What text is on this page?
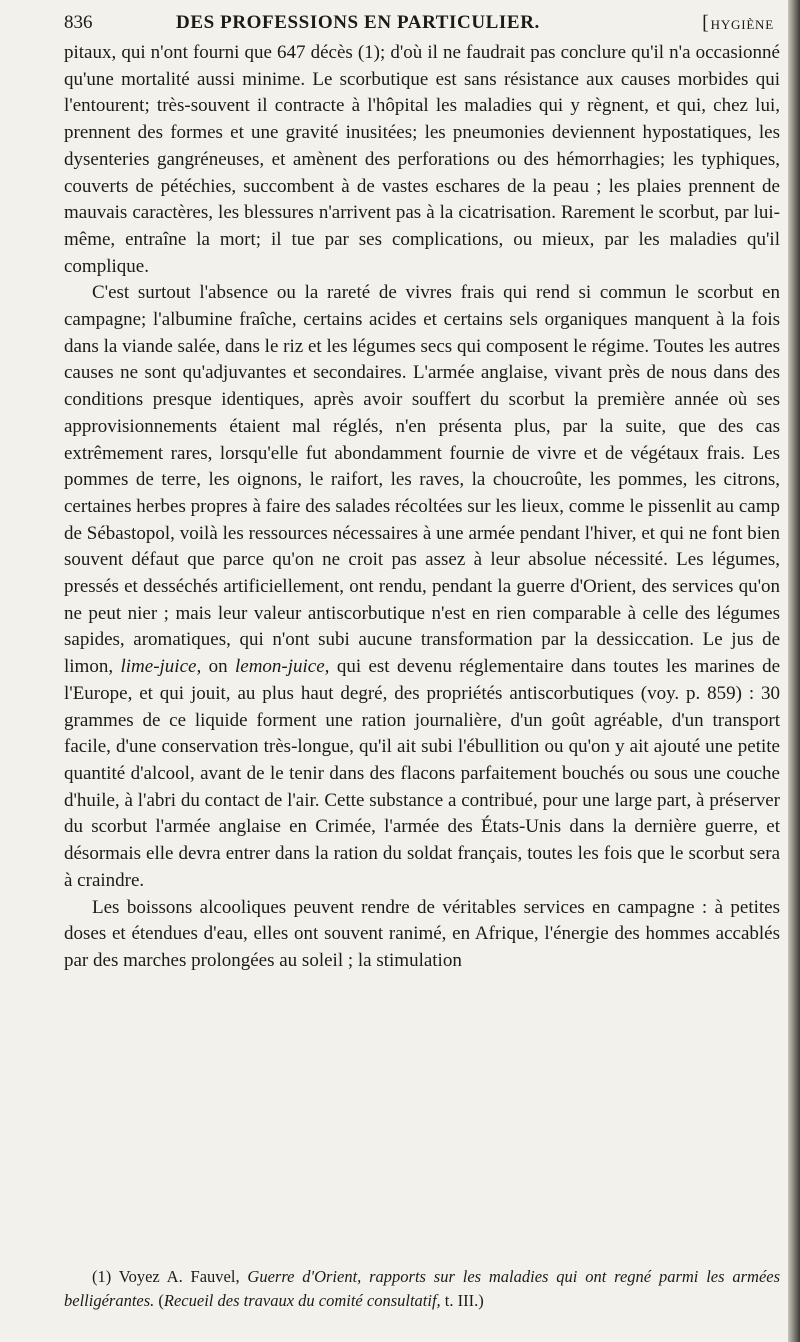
836	DES PROFESSIONS EN PARTICULIER.
[	HYGIÈNE

pitaux, qui n'ont fourni que 647 décès (1); d'où il ne faudrait pas conclure qu'il n'a occasionné qu'une mortalité aussi minime. Le scorbutique est sans résistance aux causes morbides qui l'entourent; très-souvent il contracte à l'hôpital les maladies qui y règnent, et qui, chez lui, prennent des formes et une gravité inusitées; les pneumonies deviennent hypostatiques, les dysenteries gangréneuses, et amènent des perforations ou des hémorrhagies; les typhiques, couverts de pétéchies, succombent à de vastes eschares de la peau ; les plaies prennent de mauvais caractères, les blessures n'arrivent pas à la cicatrisation. Rarement le scorbut, par lui-même, entraîne la mort; il tue par ses complications, ou mieux, par les maladies qu'il complique.

C'est surtout l'absence ou la rareté de vivres frais qui rend si commun le scorbut en campagne; l'albumine fraîche, certains acides et certains sels organiques manquent à la fois dans la viande salée, dans le riz et les légumes secs qui composent le régime. Toutes les autres causes ne sont qu'adjuvantes et secondaires. L'armée anglaise, vivant près de nous dans des conditions presque identiques, après avoir souffert du scorbut la première année où ses approvisionnements étaient mal réglés, n'en présenta plus, par la suite, que des cas extrêmement rares, lorsqu'elle fut abondamment fournie de vivre et de végétaux frais. Les pommes de terre, les oignons, le raifort, les raves, la choucroûte, les pommes, les citrons, certaines herbes propres à faire des salades récoltées sur les lieux, comme le pissenlit au camp de Sébastopol, voilà les ressources nécessaires à une armée pendant l'hiver, et qui ne font bien souvent défaut que parce qu'on ne croit pas assez à leur absolue nécessité. Les légumes, pressés et desséchés artificiellement, ont rendu, pendant la guerre d'Orient, des services qu'on ne peut nier ; mais leur valeur antiscorbutique n'est en rien comparable à celle des légumes sapides, aromatiques, qui n'ont subi aucune transformation par la dessiccation. Le jus de limon, lime-juice, on lemon-juice, qui est devenu réglementaire dans toutes les marines de l'Europe, et qui jouit, au plus haut degré, des propriétés antiscorbutiques (voy. p. 859) : 30 grammes de ce liquide forment une ration journalière, d'un goût agréable, d'un transport facile, d'une conservation très-longue, qu'il ait subi l'ébullition ou qu'on y ait ajouté une petite quantité d'alcool, avant de le tenir dans des flacons parfaitement bouchés ou sous une couche d'huile, à l'abri du contact de l'air. Cette substance a contribué, pour une large part, à préserver du scorbut l'armée anglaise en Crimée, l'armée des États-Unis dans la dernière guerre, et désormais elle devra entrer dans la ration du soldat français, toutes les fois que le scorbut sera à craindre.

Les boissons alcooliques peuvent rendre de véritables services en campagne : à petites doses et étendues d'eau, elles ont souvent ranimé, en Afrique, l'énergie des hommes accablés par des marches prolongées au soleil ; la stimulation

(1) Voyez A. Fauvel, Guerre d'Orient, rapports sur les maladies qui ont regné parmi les armées belligérantes. (Recueil des travaux du comité consultatif, t. III.)
